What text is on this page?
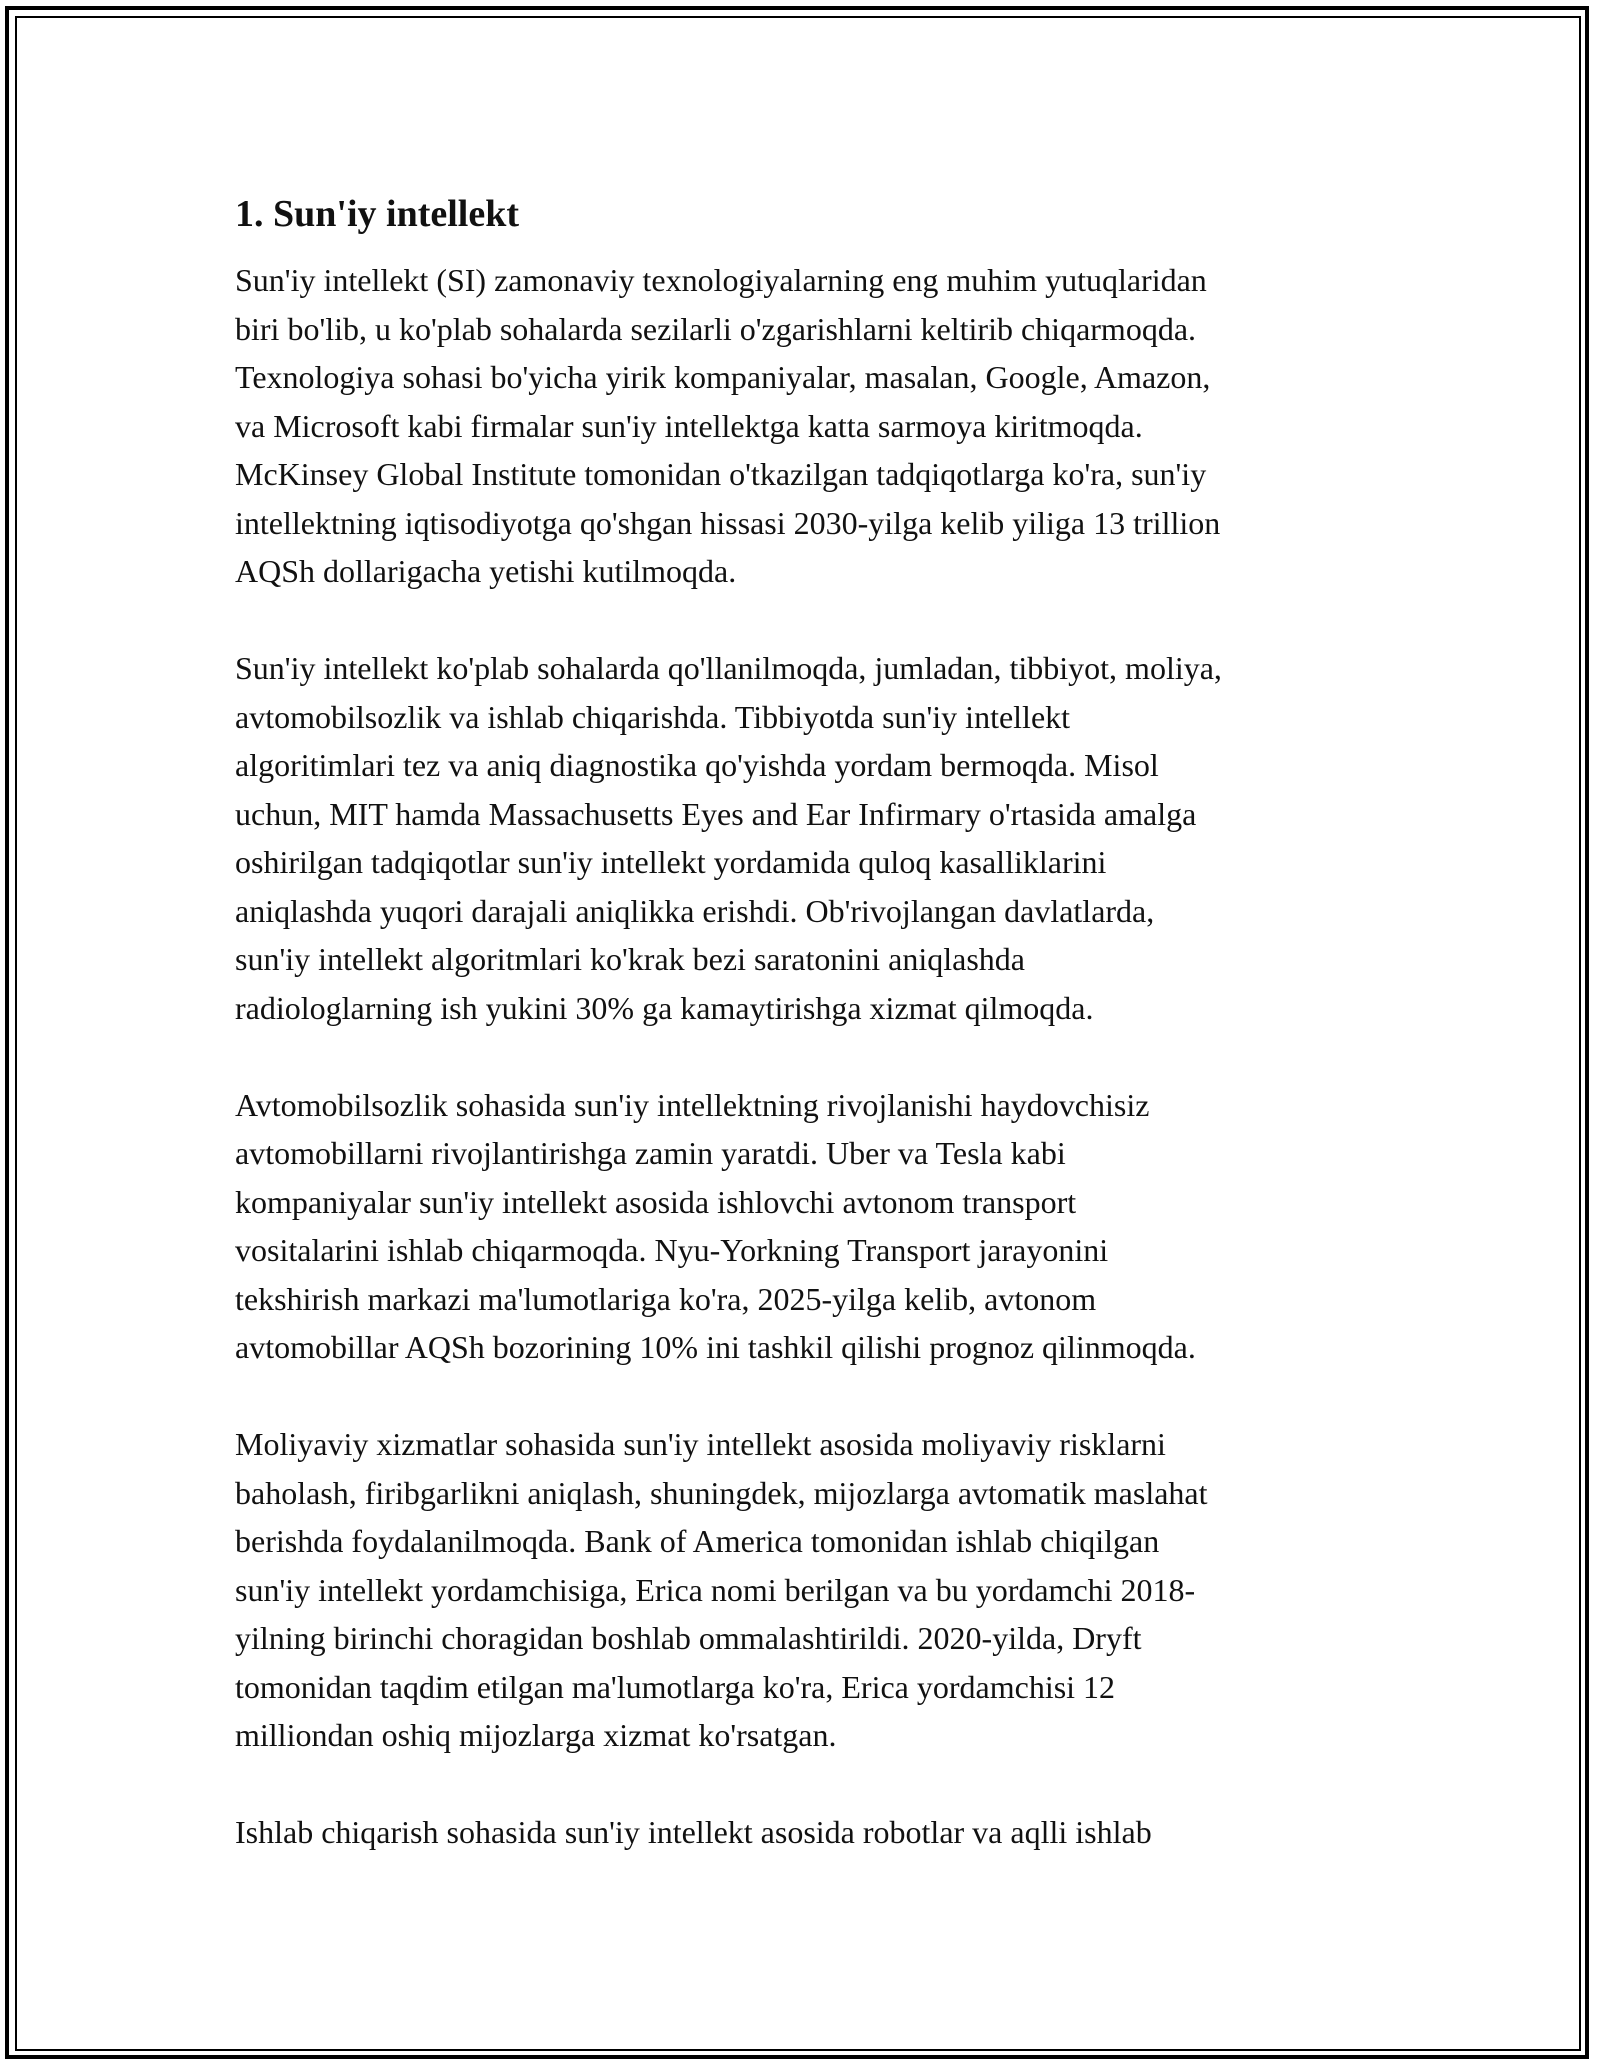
1. Sun'iy intellekt
Sun'iy intellekt (SI) zamonaviy texnologiyalarning eng muhim yutuqlaridan
biri bo'lib, u ko'plab sohalarda sezilarli o'zgarishlarni keltirib chiqarmoqda.
Texnologiya sohasi bo'yicha yirik kompaniyalar, masalan, Google, Amazon,
va Microsoft kabi firmalar sun'iy intellektga katta sarmoya kiritmoqda.
McKinsey Global Institute tomonidan o'tkazilgan tadqiqotlarga ko'ra, sun'iy
intellektning iqtisodiyotga qo'shgan hissasi 2030-yilga kelib yiliga 13 trillion
AQSh dollarigacha yetishi kutilmoqda.
Sun'iy intellekt ko'plab sohalarda qo'llanilmoqda, jumladan, tibbiyot, moliya,
avtomobilsozlik va ishlab chiqarishda. Tibbiyotda sun'iy intellekt
algoritimlari tez va aniq diagnostika qo'yishda yordam bermoqda. Misol
uchun, MIT hamda Massachusetts Eyes and Ear Infirmary o'rtasida amalga
oshirilgan tadqiqotlar sun'iy intellekt yordamida quloq kasalliklarini
aniqlashda yuqori darajali aniqlikka erishdi. Ob'rivojlangan davlatlarda,
sun'iy intellekt algoritmlari ko'krak bezi saratonini aniqlashda
radiologlarning ish yukini 30% ga kamaytirishga xizmat qilmoqda.
Avtomobilsozlik sohasida sun'iy intellektning rivojlanishi haydovchisiz
avtomobillarni rivojlantirishga zamin yaratdi. Uber va Tesla kabi
kompaniyalar sun'iy intellekt asosida ishlovchi avtonom transport
vositalarini ishlab chiqarmoqda. Nyu-Yorkning Transport jarayonini
tekshirish markazi ma'lumotlariga ko'ra, 2025-yilga kelib, avtonom
avtomobillar AQSh bozorining 10% ini tashkil qilishi prognoz qilinmoqda.
Moliyaviy xizmatlar sohasida sun'iy intellekt asosida moliyaviy risklarni
baholash, firibgarlikni aniqlash, shuningdek, mijozlarga avtomatik maslahat
berishda foydalanilmoqda. Bank of America tomonidan ishlab chiqilgan
sun'iy intellekt yordamchisiga, Erica nomi berilgan va bu yordamchi 2018-
yilning birinchi choragidan boshlab ommalashtirildi. 2020-yilda, Dryft
tomonidan taqdim etilgan ma'lumotlarga ko'ra, Erica yordamchisi 12
milliondan oshiq mijozlarga xizmat ko'rsatgan.
Ishlab chiqarish sohasida sun'iy intellekt asosida robotlar va aqlli ishlab
